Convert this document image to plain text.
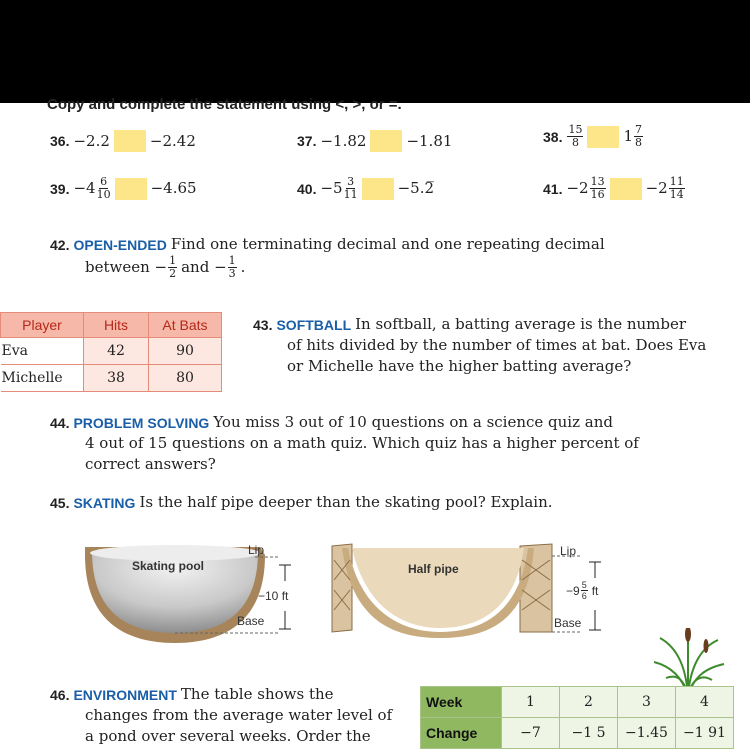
Copy and complete the statement using <, >, or =.
36. −2.2	−2.42	37. −1.82	−1.81	38. $\frac{15}{8}$	$1 \frac{7}{8}$
39. $-4 \frac{6}{10}$	−4.65	40. $-5 \frac{3}{11}$	−5.2̅	41. $-2 \frac{13}{16}$	$-2 \frac{11}{14}$
42. OPEN-ENDED Find one terminating decimal and one repeating decimal
between − $\frac{1}{2}$ and − $\frac{1}{3}$ .
Player	Hits	At Bats
Eva	42	90
Michelle	38	80
43. SOFTBALL In softball, a batting average is the number
of hits divided by the number of times at bat. Does Eva
or Michelle have the higher batting average?
44. PROBLEM SOLVING You miss 3 out of 10 questions on a science quiz and
4 out of 15 questions on a math quiz. Which quiz has a higher percent of
correct answers?
45. SKATING Is the half pipe deeper than the skating pool? Explain.
Skating pool
Lip
−10 ft
Base
Half pipe
Lip
Base
$-9 \frac{5}{6}$ ft
46. ENVIRONMENT The table shows the
changes from the average water level of
a pond over several weeks. Order the
Week	1	2	3	4
Change	−7	−1 5	−1.45	−1 91
